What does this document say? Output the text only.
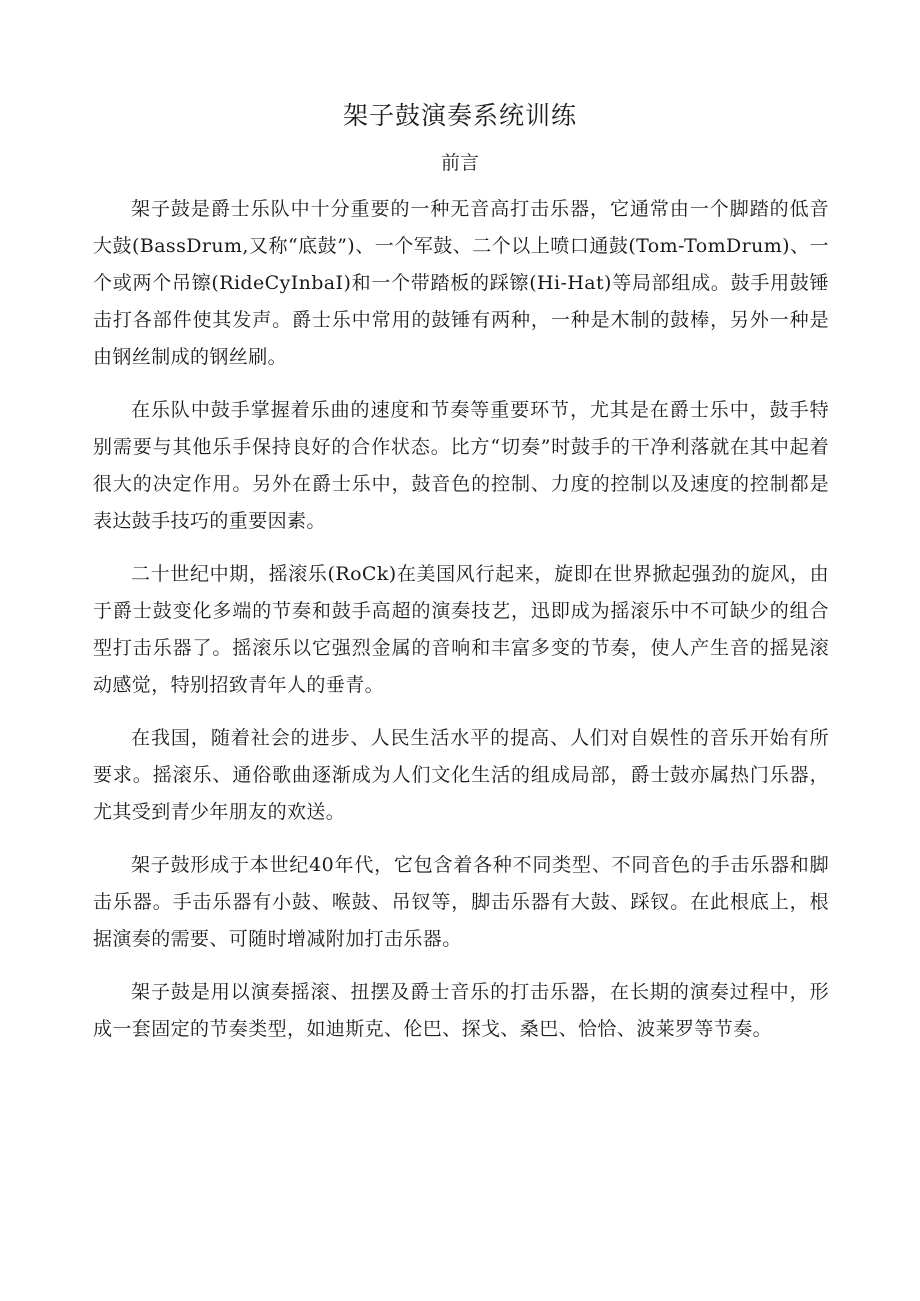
架子鼓演奏系统训练
前言

架子鼓是爵士乐队中十分重要的一种无音高打击乐器，它通常由一个脚踏的低音大鼓(BassDrum,又称“底鼓”)、一个军鼓、二个以上喷口通鼓(Tom-TomDrum)、一个或两个吊镲(RideCyInbaI)和一个带踏板的踩镲(Hi-Hat)等局部组成。鼓手用鼓锤击打各部件使其发声。爵士乐中常用的鼓锤有两种，一种是木制的鼓棒，另外一种是由钢丝制成的钢丝刷。

在乐队中鼓手掌握着乐曲的速度和节奏等重要环节，尤其是在爵士乐中，鼓手特别需要与其他乐手保持良好的合作状态。比方“切奏”时鼓手的干净利落就在其中起着很大的决定作用。另外在爵士乐中，鼓音色的控制、力度的控制以及速度的控制都是表达鼓手技巧的重要因素。

二十世纪中期，摇滚乐(RoCk)在美国风行起来，旋即在世界掀起强劲的旋风，由于爵士鼓变化多端的节奏和鼓手高超的演奏技艺，迅即成为摇滚乐中不可缺少的组合型打击乐器了。摇滚乐以它强烈金属的音响和丰富多变的节奏，使人产生音的摇晃滚动感觉，特别招致青年人的垂青。

在我国，随着社会的进步、人民生活水平的提高、人们对自娱性的音乐开始有所要求。摇滚乐、通俗歌曲逐渐成为人们文化生活的组成局部，爵士鼓亦属热门乐器，尤其受到青少年朋友的欢送。

架子鼓形成于本世纪40年代，它包含着各种不同类型、不同音色的手击乐器和脚击乐器。手击乐器有小鼓、喉鼓、吊钗等，脚击乐器有大鼓、踩钗。在此根底上，根据演奏的需要、可随时增减附加打击乐器。

架子鼓是用以演奏摇滚、扭摆及爵士音乐的打击乐器，在长期的演奏过程中，形成一套固定的节奏类型，如迪斯克、伦巴、探戈、桑巴、恰恰、波莱罗等节奏。
